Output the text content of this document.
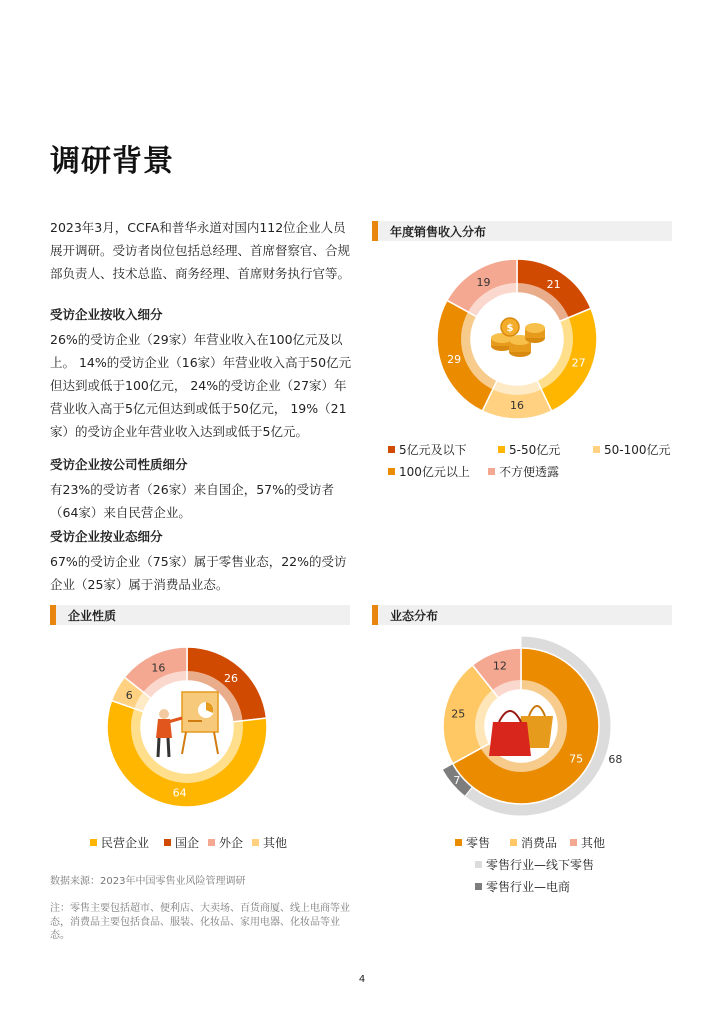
调研背景
2023年3月，CCFA和普华永道对国内112位企业人员展开调研。受访者岗位包括总经理、首席督察官、合规部负责人、技术总监、商务经理、首席财务执行官等。
受访企业按收入细分
26%的受访企业（29家）年营业收入在100亿元及以上。 14%的受访企业（16家）年营业收入高于50亿元但达到或低于100亿元， 24%的受访企业（27家）年营业收入高于5亿元但达到或低于50亿元， 19%（21家）的受访企业年营业收入达到或低于5亿元。
受访企业按公司性质细分
有23%的受访者（26家）来自国企，57%的受访者（64家）来自民营企业。
受访企业按业态细分
67%的受访企业（75家）属于零售业态，22%的受访企业（25家）属于消费品业态。
年度销售收入分布
企业性质	业态分布
$
21
27
16
29
19
5亿元及以下	5-50亿元	50-100亿元
100亿元以上	不方便透露
26
64
6
16
民营企业	国企	外企	其他
68
7
75
25
12
零售	消费品	其他
零售行业—线下零售
零售行业—电商
数据来源：2023年中国零售业风险管理调研
注：零售主要包括超市、便利店、大卖场、百货商厦、线上电商等业态，消费品主要包括食品、服装、化妆品、家用电器、化妆品等业态。
4
